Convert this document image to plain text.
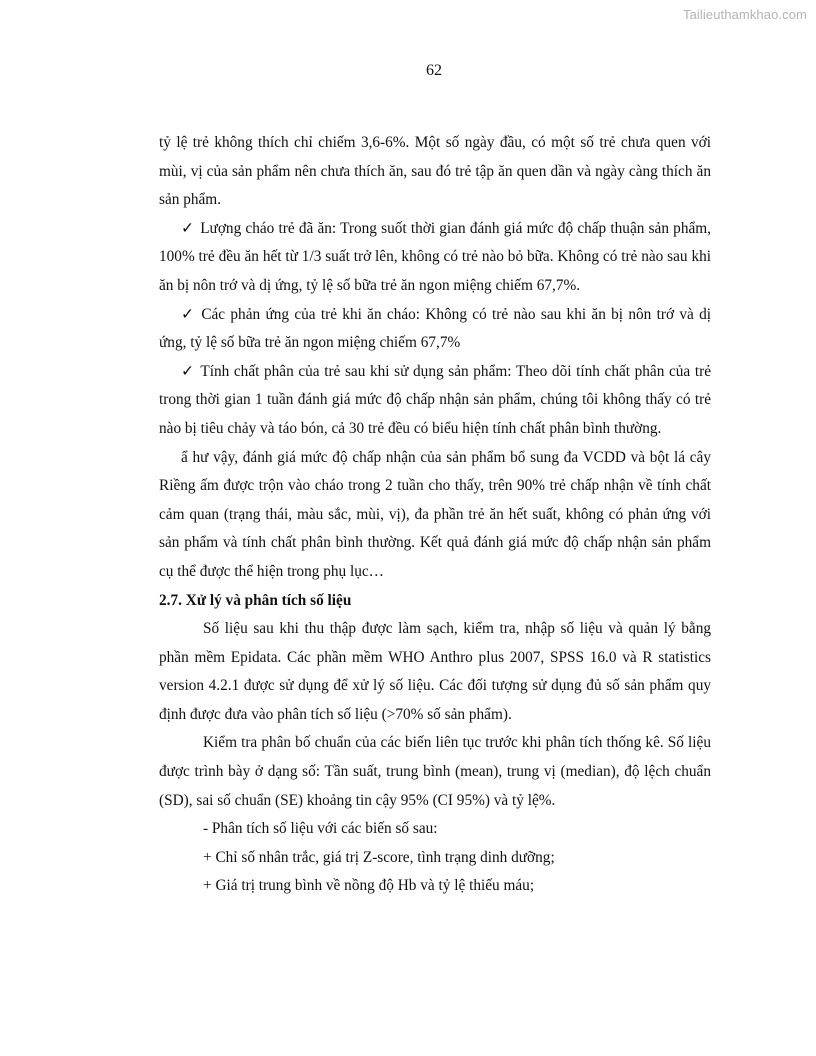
Tailieuthamkhao.com
62

tỷ lệ trẻ không thích chỉ chiếm 3,6-6%. Một số ngày đầu, có một số trẻ chưa quen với mùi, vị của sản phẩm nên chưa thích ăn, sau đó trẻ tập ăn quen dần và ngày càng thích ăn sản phẩm.

✓ Lượng cháo trẻ đã ăn: Trong suốt thời gian đánh giá mức độ chấp thuận sản phẩm, 100% trẻ đều ăn hết từ 1/3 suất trở lên, không có trẻ nào bỏ bữa. Không có trẻ nào sau khi ăn bị nôn trớ và dị ứng, tỷ lệ số bữa trẻ ăn ngon miệng chiếm 67,7%.

✓ Các phản ứng của trẻ khi ăn cháo: Không có trẻ nào sau khi ăn bị nôn trớ và dị ứng, tỷ lệ số bữa trẻ ăn ngon miệng chiếm 67,7%

✓ Tính chất phân của trẻ sau khi sử dụng sản phẩm: Theo dõi tính chất phân của trẻ trong thời gian 1 tuần đánh giá mức độ chấp nhận sản phẩm, chúng tôi không thấy có trẻ nào bị tiêu chảy và táo bón, cả 30 trẻ đều có biểu hiện tính chất phân bình thường.

ẩ hư vậy, đánh giá mức độ chấp nhận của sản phẩm bổ sung đa VCDD và bột lá cây Riềng ấm được trộn vào cháo trong 2 tuần cho thấy, trên 90% trẻ chấp nhận về tính chất cảm quan (trạng thái, màu sắc, mùi, vị), đa phần trẻ ăn hết suất, không có phản ứng với sản phẩm và tính chất phân bình thường. Kết quả đánh giá mức độ chấp nhận sản phẩm cụ thể được thể hiện trong phụ lục…

2.7. Xử lý và phân tích số liệu

Số liệu sau khi thu thập được làm sạch, kiểm tra, nhập số liệu và quản lý bằng phần mềm Epidata. Các phần mềm WHO Anthro plus 2007, SPSS 16.0 và R statistics version 4.2.1 được sử dụng để xử lý số liệu. Các đối tượng sử dụng đủ số sản phẩm quy định được đưa vào phân tích số liệu (>70% số sản phẩm).

Kiểm tra phân bố chuẩn của các biến liên tục trước khi phân tích thống kê. Số liệu được trình bày ở dạng số: Tần suất, trung bình (mean), trung vị (median), độ lệch chuẩn (SD), sai số chuẩn (SE) khoảng tin cậy 95% (CI 95%) và tỷ lệ%.

- Phân tích số liệu với các biến số sau:

+ Chỉ số nhân trắc, giá trị Z-score, tình trạng dinh dưỡng;

+ Giá trị trung bình về nồng độ Hb và tỷ lệ thiếu máu;
